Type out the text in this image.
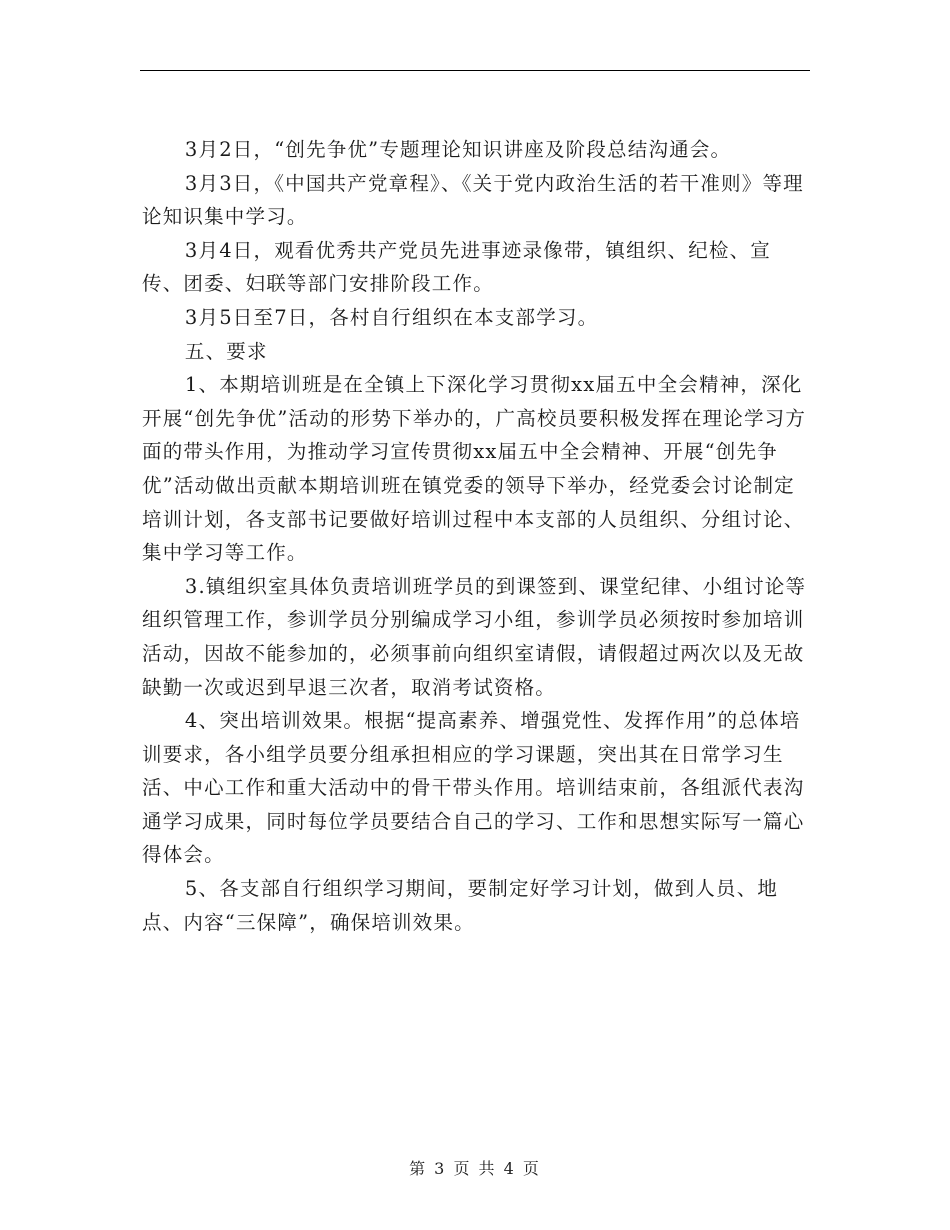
3月2日，“创先争优”专题理论知识讲座及阶段总结沟通会。

3月3日，《中国共产党章程》、《关于党内政治生活的若干准则》等理论知识集中学习。

3月4日，观看优秀共产党员先进事迹录像带，镇组织、纪检、宣传、团委、妇联等部门安排阶段工作。

3月5日至7日，各村自行组织在本支部学习。

五、要求

1、本期培训班是在全镇上下深化学习贯彻xx届五中全会精神，深化开展“创先争优”活动的形势下举办的，广高校员要积极发挥在理论学习方面的带头作用，为推动学习宣传贯彻xx届五中全会精神、开展“创先争优”活动做出贡献本期培训班在镇党委的领导下举办，经党委会讨论制定培训计划，各支部书记要做好培训过程中本支部的人员组织、分组讨论、集中学习等工作。

3.镇组织室具体负责培训班学员的到课签到、课堂纪律、小组讨论等组织管理工作，参训学员分别编成学习小组，参训学员必须按时参加培训活动，因故不能参加的，必须事前向组织室请假，请假超过两次以及无故缺勤一次或迟到早退三次者，取消考试资格。

4、突出培训效果。根据“提高素养、增强党性、发挥作用”的总体培训要求，各小组学员要分组承担相应的学习课题，突出其在日常学习生活、中心工作和重大活动中的骨干带头作用。培训结束前，各组派代表沟通学习成果，同时每位学员要结合自己的学习、工作和思想实际写一篇心得体会。

5、各支部自行组织学习期间，要制定好学习计划，做到人员、地点、内容“三保障”，确保培训效果。

第 3 页 共 4 页
